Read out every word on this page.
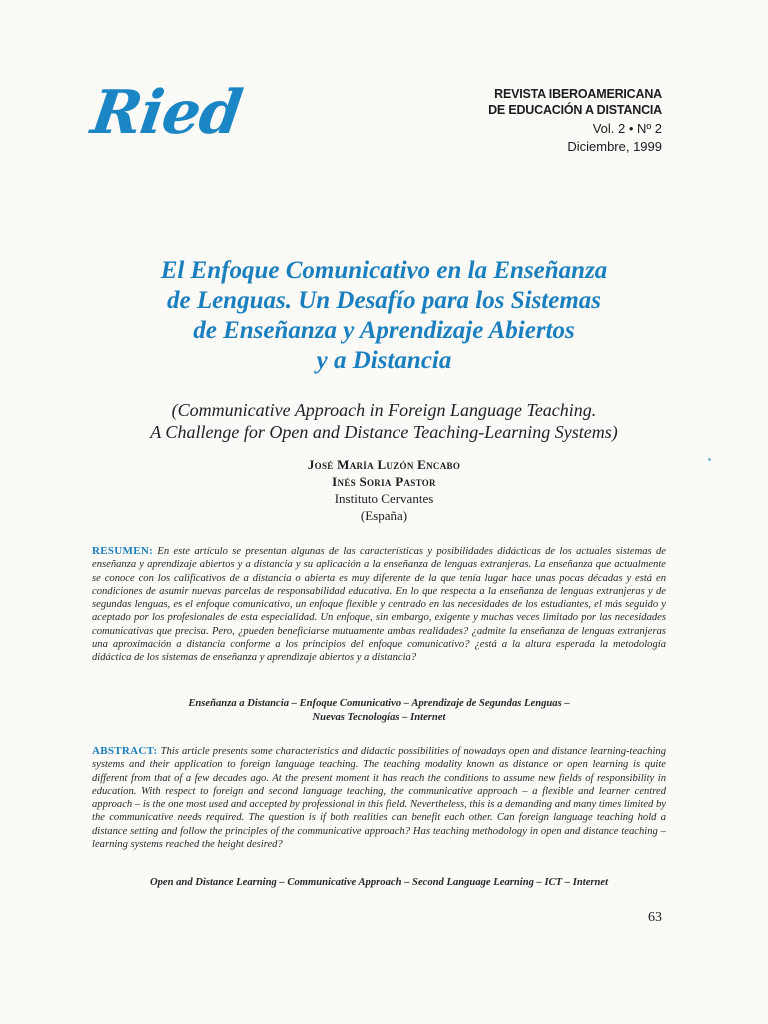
Ried	REVISTA IBEROAMERICANA
DE EDUCACIÓN A DISTANCIA
Vol. 2 • Nº 2
Diciembre, 1999
El Enfoque Comunicativo en la Enseñanza
de Lenguas. Un Desafío para los Sistemas
de Enseñanza y Aprendizaje Abiertos
y a Distancia
(Communicative Approach in Foreign Language Teaching.
A Challenge for Open and Distance Teaching-Learning Systems)
José María Luzón Encabo
Inés Soria Pastor
Instituto Cervantes
(España)
RESUMEN: En este artículo se presentan algunas de las características y posibilidades didácticas de los actuales sistemas de enseñanza y aprendizaje abiertos y a distancia y su aplicación a la enseñanza de lenguas extranjeras. La enseñanza que actualmente se conoce con los calificativos de a distancia o abierta es muy diferente de la que tenía lugar hace unas pocas décadas y está en condiciones de asumir nuevas parcelas de responsabilidad educativa. En lo que respecta a la enseñanza de lenguas extranjeras y de segundas lenguas, es el enfoque comunicativo, un enfoque flexible y centrado en las necesidades de los estudiantes, el más seguido y aceptado por los profesionales de esta especialidad. Un enfoque, sin embargo, exigente y muchas veces limitado por las necesidades comunicativas que precisa. Pero, ¿pueden beneficiarse mutuamente ambas realidades? ¿admite la enseñanza de lenguas extranjeras una aproximación a distancia conforme a los principios del enfoque comunicativo? ¿está a la altura esperada la metodología didáctica de los sistemas de enseñanza y aprendizaje abiertos y a distancia?
Enseñanza a Distancia – Enfoque Comunicativo – Aprendizaje de Segundas Lenguas –
Nuevas Tecnologías – Internet
ABSTRACT: This article presents some characteristics and didactic possibilities of nowadays open and distance learning-teaching systems and their application to foreign language teaching. The teaching modality known as distance or open learning is quite different from that of a few decades ago. At the present moment it has reach the conditions to assume new fields of responsibility in education. With respect to foreign and second language teaching, the communicative approach – a flexible and learner centred approach – is the one most used and accepted by professional in this field. Nevertheless, this is a demanding and many times limited by the communicative needs required. The question is if both realities can benefit each other. Can foreign language teaching hold a distance setting and follow the principles of the communicative approach? Has teaching methodology in open and distance teaching – learning systems reached the height desired?
Open and Distance Learning – Communicative Approach – Second Language Learning – ICT – Internet
63
